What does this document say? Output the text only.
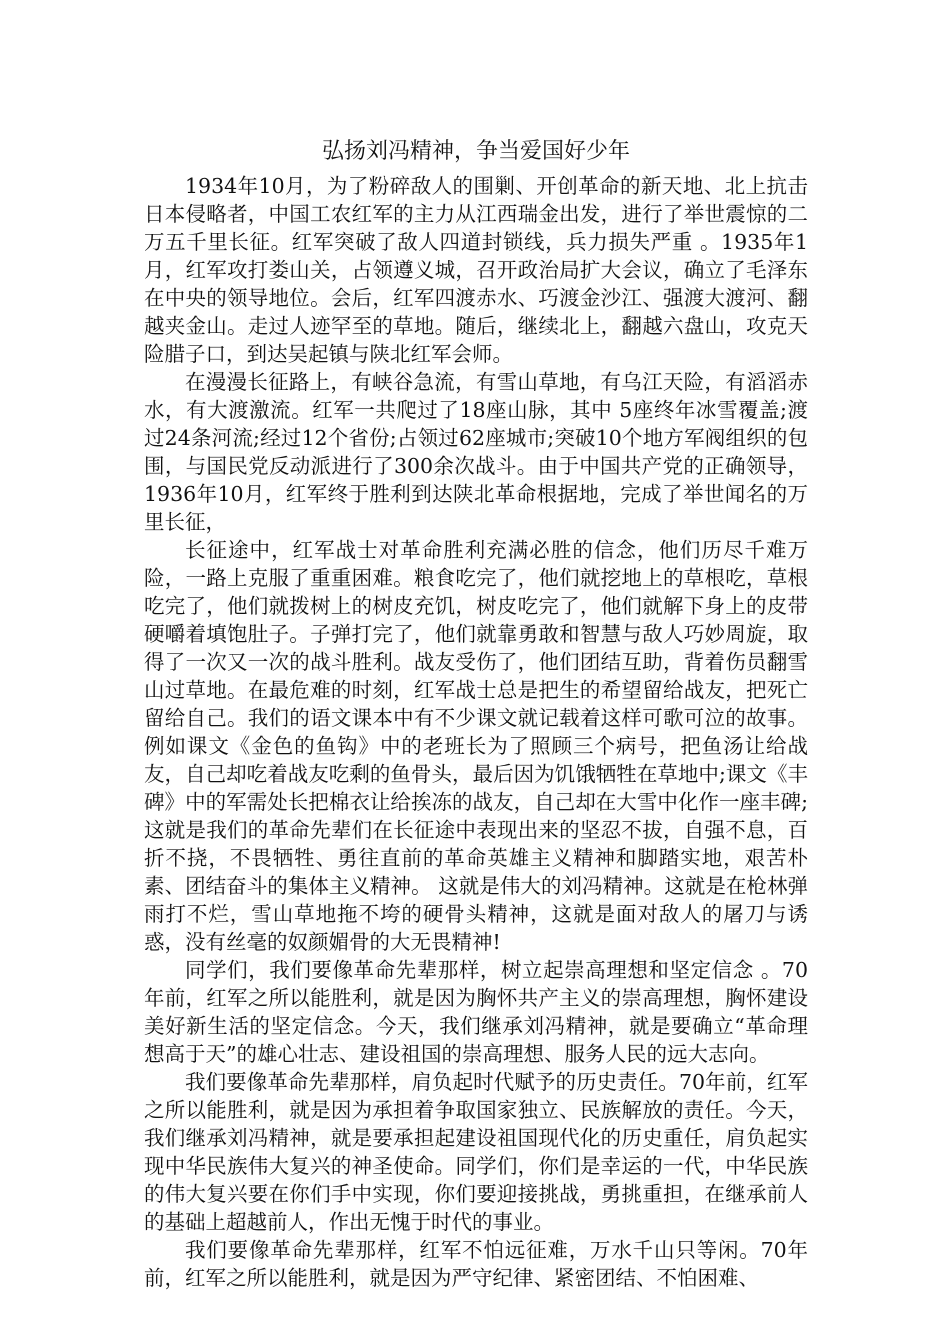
弘扬刘冯精神，争当爱国好少年

1934年10月，为了粉碎敌人的围剿、开创革命的新天地、北上抗击日本侵略者，中国工农红军的主力从江西瑞金出发，进行了举世震惊的二万五千里长征。红军突破了敌人四道封锁线，兵力损失严重 。1935年1月，红军攻打娄山关，占领遵义城，召开政治局扩大会议，确立了毛泽东在中央的领导地位。会后，红军四渡赤水、巧渡金沙江、强渡大渡河、翻越夹金山。走过人迹罕至的草地。随后，继续北上，翻越六盘山，攻克天险腊子口，到达吴起镇与陕北红军会师。

在漫漫长征路上，有峡谷急流，有雪山草地，有乌江天险，有滔滔赤水，有大渡激流。红军一共爬过了18座山脉，其中 5座终年冰雪覆盖;渡过24条河流;经过12个省份;占领过62座城市;突破10个地方军阀组织的包围，与国民党反动派进行了300余次战斗。由于中国共产党的正确领导，1936年10月，红军终于胜利到达陕北革命根据地，完成了举世闻名的万里长征，

长征途中，红军战士对革命胜利充满必胜的信念，他们历尽千难万险，一路上克服了重重困难。粮食吃完了，他们就挖地上的草根吃，草根吃完了，他们就拨树上的树皮充饥，树皮吃完了，他们就解下身上的皮带硬嚼着填饱肚子。子弹打完了，他们就靠勇敢和智慧与敌人巧妙周旋，取得了一次又一次的战斗胜利。战友受伤了，他们团结互助，背着伤员翻雪山过草地。在最危难的时刻，红军战士总是把生的希望留给战友，把死亡留给自己。我们的语文课本中有不少课文就记载着这样可歌可泣的故事。例如课文《金色的鱼钩》中的老班长为了照顾三个病号，把鱼汤让给战友，自己却吃着战友吃剩的鱼骨头，最后因为饥饿牺牲在草地中;课文《丰碑》中的军需处长把棉衣让给挨冻的战友，自己却在大雪中化作一座丰碑;这就是我们的革命先辈们在长征途中表现出来的坚忍不拔，自强不息，百折不挠，不畏牺牲、勇往直前的革命英雄主义精神和脚踏实地，艰苦朴素、团结奋斗的集体主义精神。 这就是伟大的刘冯精神。这就是在枪林弹雨打不烂，雪山草地拖不垮的硬骨头精神，这就是面对敌人的屠刀与诱惑，没有丝毫的奴颜媚骨的大无畏精神!

同学们，我们要像革命先辈那样，树立起崇高理想和坚定信念 。70年前，红军之所以能胜利，就是因为胸怀共产主义的崇高理想，胸怀建设美好新生活的坚定信念。今天，我们继承刘冯精神，就是要确立“革命理想高于天”的雄心壮志、建设祖国的崇高理想、服务人民的远大志向。

我们要像革命先辈那样，肩负起时代赋予的历史责任。70年前，红军之所以能胜利，就是因为承担着争取国家独立、民族解放的责任。今天，我们继承刘冯精神，就是要承担起建设祖国现代化的历史重任，肩负起实现中华民族伟大复兴的神圣使命。同学们，你们是幸运的一代，中华民族的伟大复兴要在你们手中实现，你们要迎接挑战，勇挑重担，在继承前人的基础上超越前人，作出无愧于时代的事业。

我们要像革命先辈那样，红军不怕远征难，万水千山只等闲。70年前，红军之所以能胜利，就是因为严守纪律、紧密团结、不怕困难、
